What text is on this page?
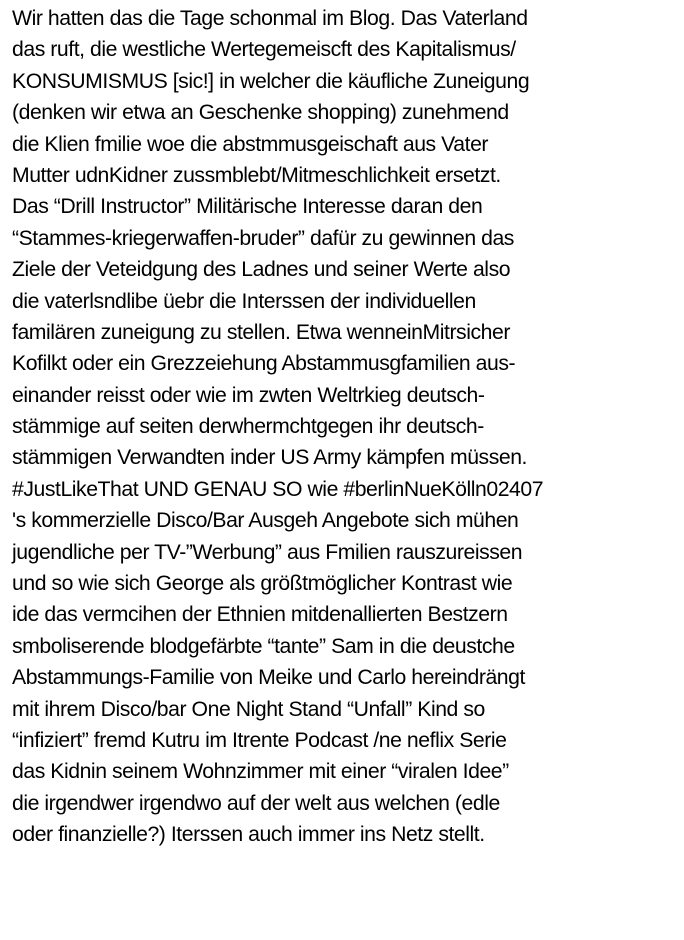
Wir hatten das die Tage schonmal im Blog. Das Vaterland
das ruft, die westliche Wertegemeiscft des Kapitalismus/
KONSUMISMUS [sic!] in welcher die käufliche Zuneigung
(denken wir etwa an Geschenke shopping) zunehmend
die Klien fmilie woe die abstmmusgeischaft aus Vater
Mutter udnKidner zussmblebt/Mitmeschlichkeit ersetzt.
Das “Drill Instructor” Militärische Interesse daran den
“Stammes-kriegerwaffen-bruder” dafür zu gewinnen das
Ziele der Veteidgung des Ladnes und seiner Werte also
die vaterlsndlibe üebr die Interssen der individuellen
familären zuneigung zu stellen. Etwa wenneinMitrsicher
Kofilkt oder ein Grezzeiehung Abstammusgfamilien aus-
einander reisst oder wie im zwten Weltrkieg deutsch-
stämmige auf seiten derwhermchtgegen ihr deutsch-
stämmigen Verwandten inder US Army kämpfen müssen.
#JustLikeThat UND GENAU SO wie #berlinNueKölln02407
's kommerzielle Disco/Bar Ausgeh Angebote sich mühen
jugendliche per TV-”Werbung” aus Fmilien rauszureissen
und so wie sich George als größtmöglicher Kontrast wie
ide das vermcihen der Ethnien mitdenallierten Bestzern
smboliserende blodgefärbte “tante” Sam in die deustche
Abstammungs-Familie von Meike und Carlo hereindrängt
mit ihrem Disco/bar One Night Stand “Unfall” Kind so
“infiziert” fremd Kutru im Itrente Podcast /ne neflix Serie
das Kidnin seinem Wohnzimmer mit einer “viralen Idee”
die irgendwer irgendwo auf der welt aus welchen (edle
oder finanzielle?) Iterssen auch immer ins Netz stellt.
